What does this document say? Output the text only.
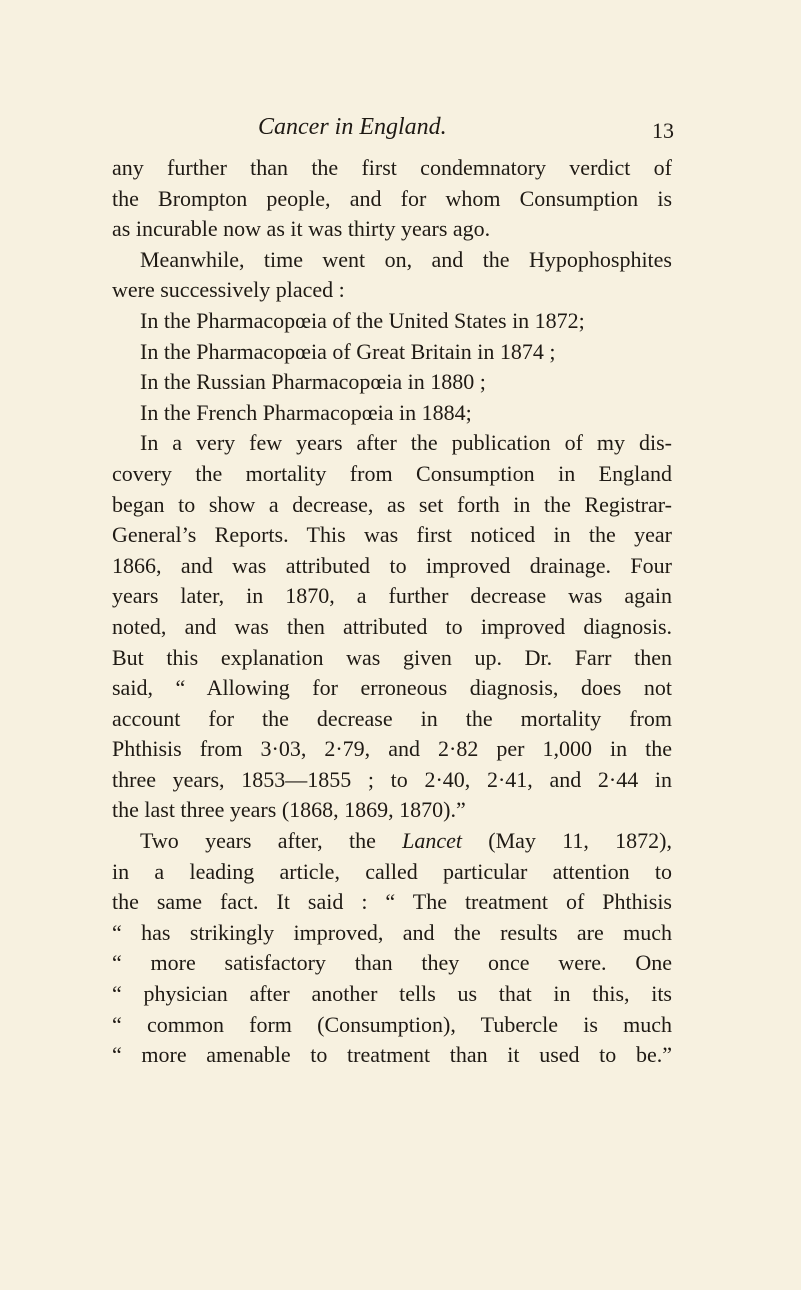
Cancer in England.	13
any further than the first condemnatory verdict of
the Brompton people, and for whom Consumption is
as incurable now as it was thirty years ago.
Meanwhile, time went on, and the Hypophosphites
were successively placed :
In the Pharmacopœia of the United States in 1872;
In the Pharmacopœia of Great Britain in 1874 ;
In the Russian Pharmacopœia in 1880 ;
In the French Pharmacopœia in 1884;
In a very few years after the publication of my dis-
covery the mortality from Consumption in England
began to show a decrease, as set forth in the Registrar-
General’s Reports. This was first noticed in the year
1866, and was attributed to improved drainage. Four
years later, in 1870, a further decrease was again
noted, and was then attributed to improved diagnosis.
But this explanation was given up. Dr. Farr then
said, “ Allowing for erroneous diagnosis, does not
account for the decrease in the mortality from
Phthisis from 3·03, 2·79, and 2·82 per 1,000 in the
three years, 1853—1855 ; to 2·40, 2·41, and 2·44 in
the last three years (1868, 1869, 1870).”
Two years after, the Lancet (May 11, 1872),
in a leading article, called particular attention to
the same fact. It said : “ The treatment of Phthisis
“ has strikingly improved, and the results are much
“ more satisfactory than they once were. One
“ physician after another tells us that in this, its
“ common form (Consumption), Tubercle is much
“ more amenable to treatment than it used to be.”
